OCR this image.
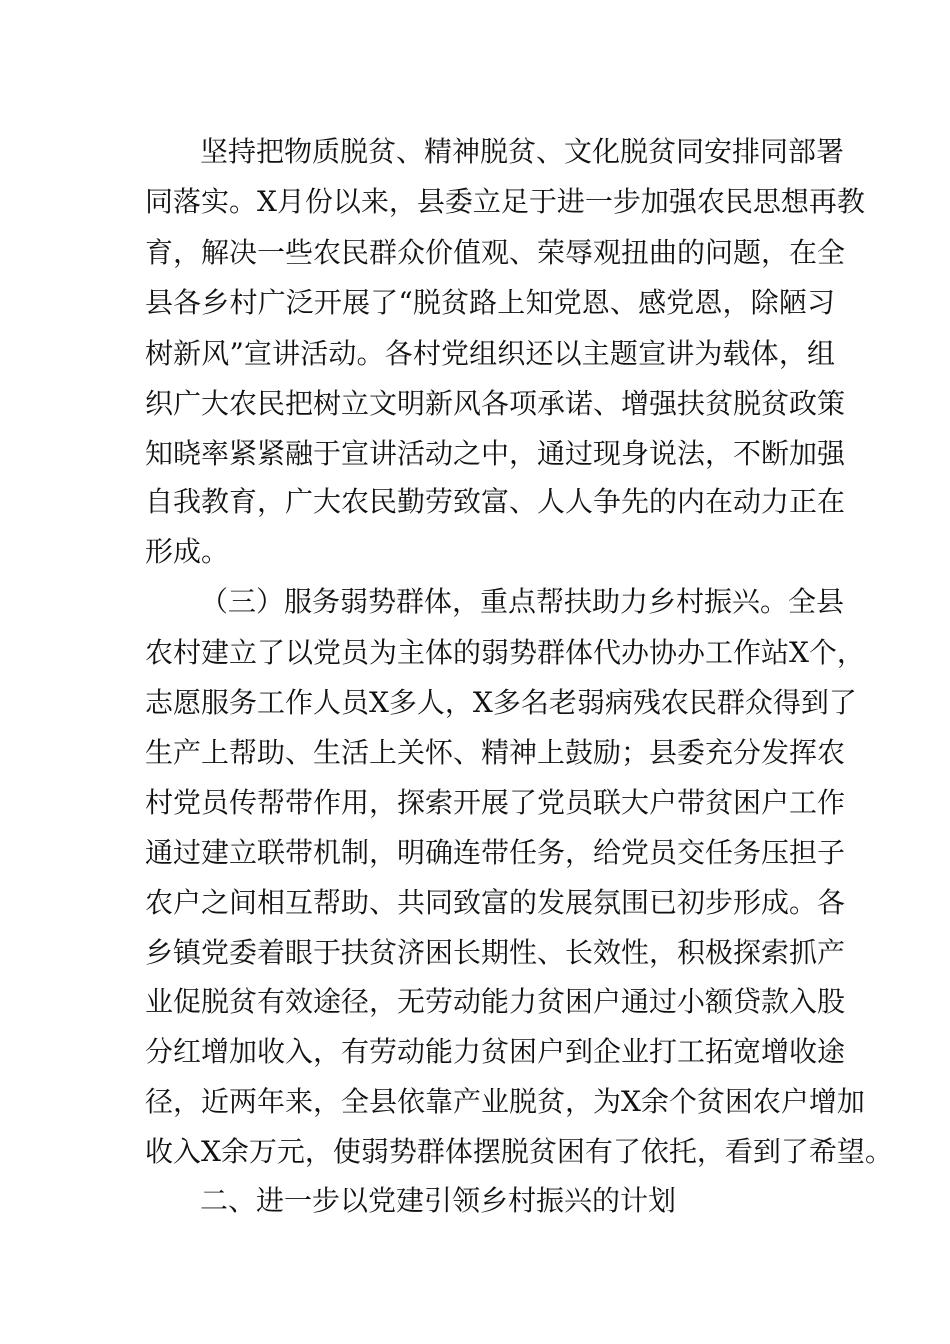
坚持把物质脱贫、精神脱贫、文化脱贫同安排同部署
同落实。X月份以来，县委立足于进一步加强农民思想再教
育，解决一些农民群众价值观、荣辱观扭曲的问题，在全
县各乡村广泛开展了“脱贫路上知党恩、感党恩，除陋习
树新风”宣讲活动。各村党组织还以主题宣讲为载体，组
织广大农民把树立文明新风各项承诺、增强扶贫脱贫政策
知晓率紧紧融于宣讲活动之中，通过现身说法，不断加强
自我教育，广大农民勤劳致富、人人争先的内在动力正在
形成。
（三）服务弱势群体，重点帮扶助力乡村振兴。全县
农村建立了以党员为主体的弱势群体代办协办工作站X个，
志愿服务工作人员X多人，X多名老弱病残农民群众得到了
生产上帮助、生活上关怀、精神上鼓励；县委充分发挥农
村党员传帮带作用，探索开展了党员联大户带贫困户工作
通过建立联带机制，明确连带任务，给党员交任务压担子
农户之间相互帮助、共同致富的发展氛围已初步形成。各
乡镇党委着眼于扶贫济困长期性、长效性，积极探索抓产
业促脱贫有效途径，无劳动能力贫困户通过小额贷款入股
分红增加收入，有劳动能力贫困户到企业打工拓宽增收途
径，近两年来，全县依靠产业脱贫，为X余个贫困农户增加
收入X余万元，使弱势群体摆脱贫困有了依托，看到了希望。
二、进一步以党建引领乡村振兴的计划
